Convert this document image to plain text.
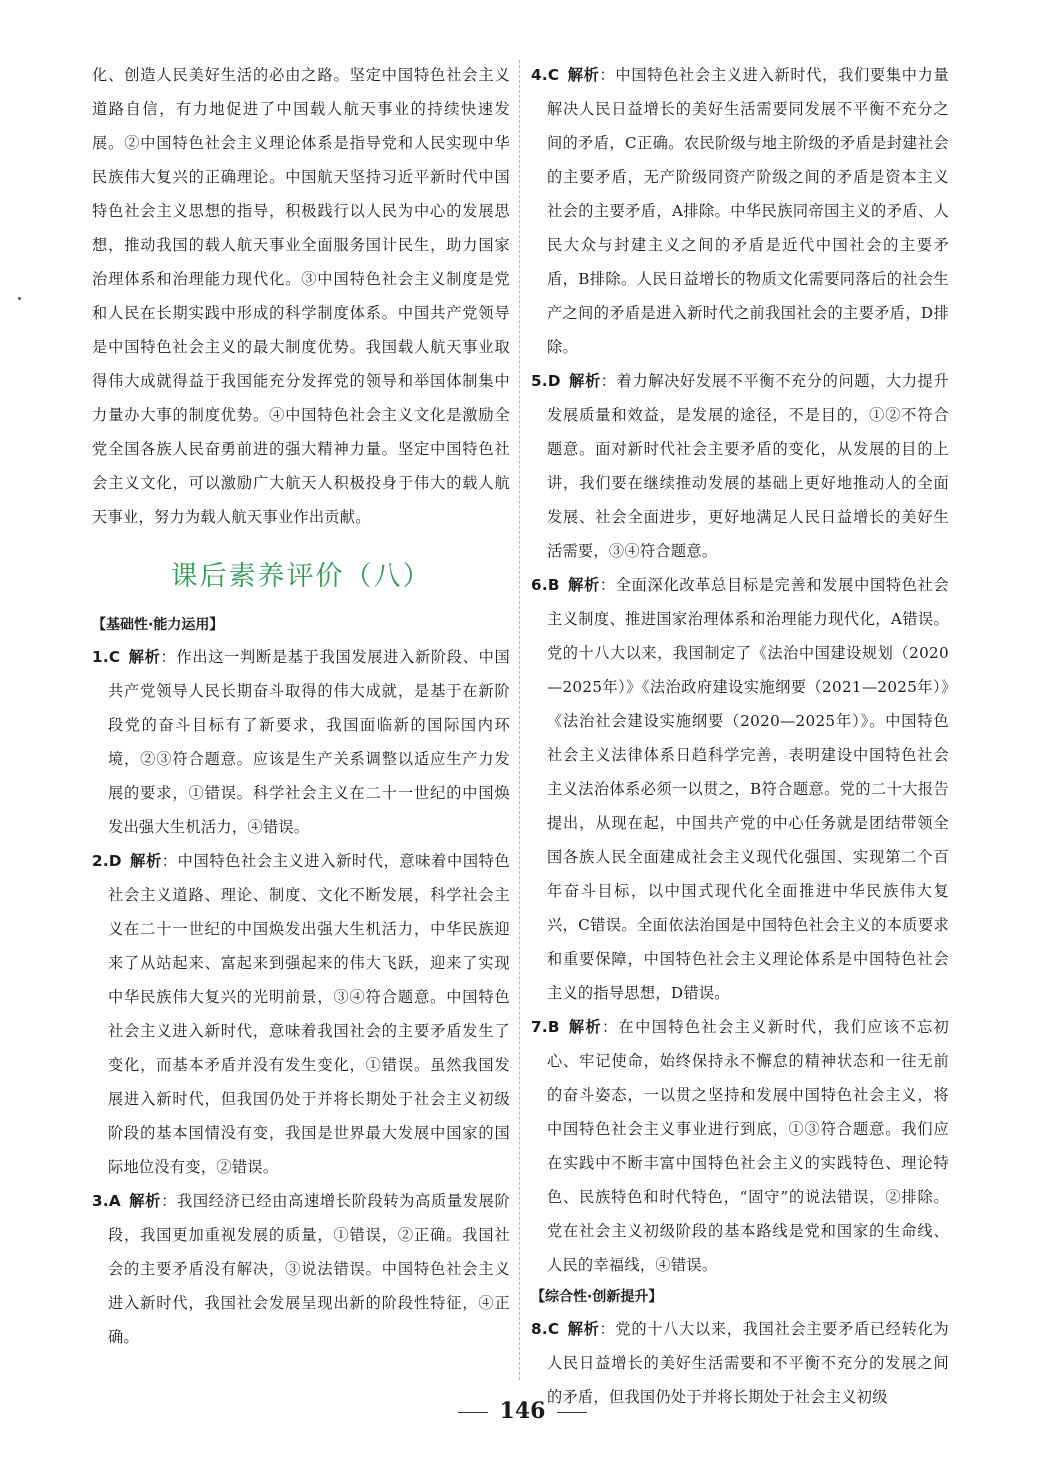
化、创造人民美好生活的必由之路。坚定中国特色社会主义道路自信，有力地促进了中国载人航天事业的持续快速发展。②中国特色社会主义理论体系是指导党和人民实现中华民族伟大复兴的正确理论。中国航天坚持习近平新时代中国特色社会主义思想的指导，积极践行以人民为中心的发展思想，推动我国的载人航天事业全面服务国计民生，助力国家治理体系和治理能力现代化。③中国特色社会主义制度是党和人民在长期实践中形成的科学制度体系。中国共产党领导是中国特色社会主义的最大制度优势。我国载人航天事业取得伟大成就得益于我国能充分发挥党的领导和举国体制集中力量办大事的制度优势。④中国特色社会主义文化是激励全党全国各族人民奋勇前进的强大精神力量。坚定中国特色社会主义文化，可以激励广大航天人积极投身于伟大的载人航天事业，努力为载人航天事业作出贡献。

课后素养评价（八）

【基础性·能力运用】

1.C  解析：作出这一判断是基于我国发展进入新阶段、中国共产党领导人民长期奋斗取得的伟大成就，是基于在新阶段党的奋斗目标有了新要求，我国面临新的国际国内环境，②③符合题意。应该是生产关系调整以适应生产力发展的要求，①错误。科学社会主义在二十一世纪的中国焕发出强大生机活力，④错误。

2.D  解析：中国特色社会主义进入新时代，意味着中国特色社会主义道路、理论、制度、文化不断发展，科学社会主义在二十一世纪的中国焕发出强大生机活力，中华民族迎来了从站起来、富起来到强起来的伟大飞跃，迎来了实现中华民族伟大复兴的光明前景，③④符合题意。中国特色社会主义进入新时代，意味着我国社会的主要矛盾发生了变化，而基本矛盾并没有发生变化，①错误。虽然我国发展进入新时代，但我国仍处于并将长期处于社会主义初级阶段的基本国情没有变，我国是世界最大发展中国家的国际地位没有变，②错误。

3.A  解析：我国经济已经由高速增长阶段转为高质量发展阶段，我国更加重视发展的质量，①错误，②正确。我国社会的主要矛盾没有解决，③说法错误。中国特色社会主义进入新时代，我国社会发展呈现出新的阶段性特征，④正确。

4.C  解析：中国特色社会主义进入新时代，我们要集中力量解决人民日益增长的美好生活需要同发展不平衡不充分之间的矛盾，C正确。农民阶级与地主阶级的矛盾是封建社会的主要矛盾，无产阶级同资产阶级之间的矛盾是资本主义社会的主要矛盾，A排除。中华民族同帝国主义的矛盾、人民大众与封建主义之间的矛盾是近代中国社会的主要矛盾，B排除。人民日益增长的物质文化需要同落后的社会生产之间的矛盾是进入新时代之前我国社会的主要矛盾，D排除。

5.D  解析：着力解决好发展不平衡不充分的问题，大力提升发展质量和效益，是发展的途径，不是目的，①②不符合题意。面对新时代社会主要矛盾的变化，从发展的目的上讲，我们要在继续推动发展的基础上更好地推动人的全面发展、社会全面进步，更好地满足人民日益增长的美好生活需要，③④符合题意。

6.B  解析：全面深化改革总目标是完善和发展中国特色社会主义制度、推进国家治理体系和治理能力现代化，A错误。党的十八大以来，我国制定了《法治中国建设规划（2020—2025年）》《法治政府建设实施纲要（2021—2025年）》《法治社会建设实施纲要（2020—2025年）》。中国特色社会主义法律体系日趋科学完善，表明建设中国特色社会主义法治体系必须一以贯之，B符合题意。党的二十大报告提出，从现在起，中国共产党的中心任务就是团结带领全国各族人民全面建成社会主义现代化强国、实现第二个百年奋斗目标，以中国式现代化全面推进中华民族伟大复兴，C错误。全面依法治国是中国特色社会主义的本质要求和重要保障，中国特色社会主义理论体系是中国特色社会主义的指导思想，D错误。

7.B  解析：在中国特色社会主义新时代，我们应该不忘初心、牢记使命，始终保持永不懈怠的精神状态和一往无前的奋斗姿态，一以贯之坚持和发展中国特色社会主义，将中国特色社会主义事业进行到底，①③符合题意。我们应在实践中不断丰富中国特色社会主义的实践特色、理论特色、民族特色和时代特色，“固守”的说法错误，②排除。党在社会主义初级阶段的基本路线是党和国家的生命线、人民的幸福线，④错误。

【综合性·创新提升】

8.C  解析：党的十八大以来，我国社会主要矛盾已经转化为人民日益增长的美好生活需要和不平衡不充分的发展之间的矛盾，但我国仍处于并将长期处于社会主义初级

146
